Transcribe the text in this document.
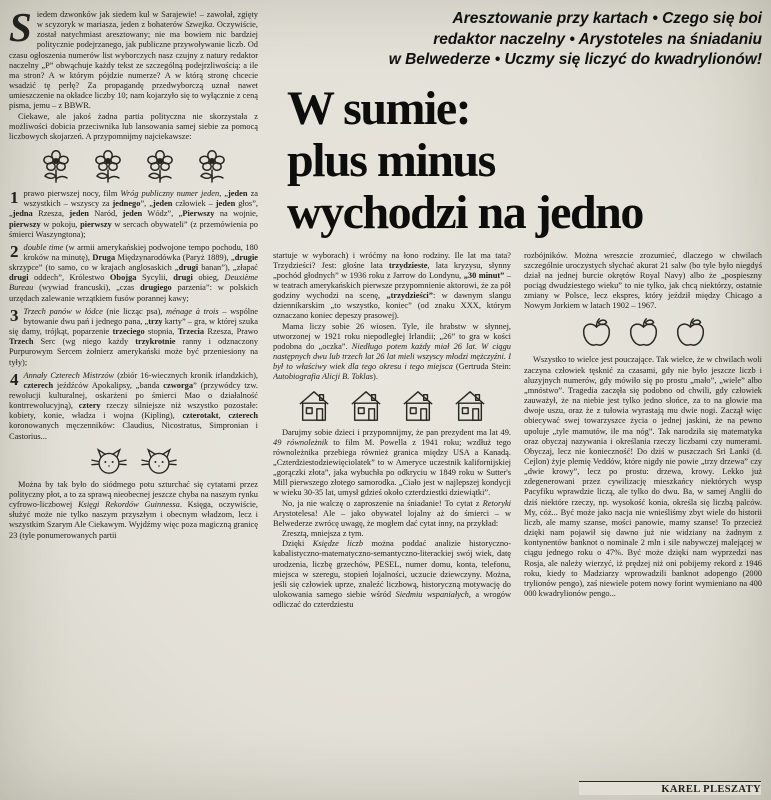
Siedem dzwonków jak siedem kul w Sarajewie! – zawołał, zgięty w scyzoryk w mariasza, jeden z bohaterów Szwejka. Oczywiście, został natychmiast aresztowany; nie ma bowiem nic bardziej politycznie podejrzanego, jak publiczne przywoływanie liczb. Od czasu ogłoszenia numerów list wyborczych nasz czujny z natury redaktor naczelny „P” obwąchuje każdy tekst ze szczególną podejrzliwością: a ile ma stron? A w którym pójdzie numerze? A w którą stronę chcecie wsadzić tę perłę? Za propagandę przedwyborczą uznał nawet umieszczenie na okładce liczby 10; nam kojarzyło się to wyłącznie z ceną pisma, jemu – z BBWR.

Ciekawe, ale jakoś żadna partia polityczna nie skorzystała z możliwości dobicia przeciwnika lub lansowania samej siebie za pomocą liczbowych skojarzeń. A przypomnijmy najciekawsze:

1 prawo pierwszej nocy, film Wróg publiczny numer jeden, „jeden za wszystkich – wszyscy za jednego”, „jeden człowiek – jeden głos”, „jedna Rzesza, jeden Naród, jeden Wódz”, „Pierwszy na wojnie, pierwszy w pokoju, pierwszy w sercach obywateli” (z przemówienia po śmierci Waszyngtona);

2 double time (w armii amerykańskiej podwojone tempo pochodu, 180 kroków na minutę), Druga Międzynarodówka (Paryż 1889), „drugie skrzypce” (to samo, co w krajach anglosaskich „drugi banan”), „złapać drugi oddech”, Królestwo Obojga Sycylii, drugi obieg, Deuxième Bureau (wywiad francuski), „czas drugiego parzenia”: w polskich urzędach zalewanie wrzątkiem fusów porannej kawy;

3 Trzech panów w łódce (nie licząc psa), ménage à trois – wspólne bytowanie dwu pań i jednego pana, „trzy karty” – gra, w której szuka się damy, trójkąt, poparzenie trzeciego stopnia, Trzecia Rzesza, Prawo Trzech Serc (wg niego każdy trzykrotnie ranny i odznaczony Purpurowym Sercem żołnierz amerykański może być przeniesiony na tyły);

4 Annały Czterech Mistrzów (zbiór 16-wiecznych kronik irlandzkich), czterech jeźdźców Apokalipsy, „banda czworga” (przywódcy tzw. rewolucji kulturalnej, oskarżeni po śmierci Mao o działalność kontrrewolucyjną), cztery rzeczy silniejsze niż wszystko pozostałe: kobiety, konie, władza i wojna (Kipling), czterotakt, czterech koronowanych męczenników: Claudius, Nicostratus, Simpronian i Castorius...

Można by tak było do siódmego potu szturchać się cytatami przez polityczny płot, a to za sprawą nieobecnej jeszcze chyba na naszym rynku cyfrowo-liczbowej Księgi Rekordów Guinnessa. Księga, oczywiście, służyć może nie tylko naszym przyszłym i obecnym władzom, lecz i wszystkim Szarym Ale Ciekawym. Wyjdźmy więc poza magiczną granicę 23 (tyle ponumerowanych partii

Aresztowanie przy kartach • Czego się boi
redaktor naczelny • Arystoteles na śniadaniu
w Belwederze • Uczmy się liczyć do kwadrylionów!
W sumie:
plus minus
wychodzi na jedno

startuje w wyborach) i wróćmy na łono rodziny. Ile lat ma tata? Trzydzieści? Jest: głośne lata trzydzieste, lata kryzysu, słynny „pochód głodnych” w 1936 roku z Jarrow do Londynu, „30 minut” – w teatrach amerykańskich pierwsze przypomnienie aktorowi, że za pół godziny wychodzi na scenę, „trzydzieści”: w dawnym slangu dziennikarskim „to wszystko, koniec” (od znaku XXX, którym oznaczano koniec depeszy prasowej).

Mama liczy sobie 26 wiosen. Tyle, ile hrabstw w słynnej, utworzonej w 1921 roku niepodległej Irlandii; „26” to gra w kości podobna do „oczka”. Niedługo potem każdy miał 26 lat. W ciągu następnych dwu lub trzech lat 26 lat mieli wszyscy młodzi mężczyźni. I był to właściwy wiek dla tego okresu i tego miejsca (Gertruda Stein: Autobiografia Alicji B. Toklas).

Darujmy sobie dzieci i przypomnijmy, że pan prezydent ma lat 49. 49 równoleżnik to film M. Powella z 1941 roku; wzdłuż tego równoleżnika przebiega również granica między USA a Kanadą. „Czterdziestodziewięciolatek” to w Ameryce uczestnik kalifornijskiej „gorączki złota”, jaka wybuchła po odkryciu w 1849 roku w Sutter's Mill pierwszego złotego samorodka. „Ciało jest w najlepszej kondycji w wieku 30-35 lat, umysł gdzieś około czterdziestki dziewiątki”.

No, ja nie walczę o zaproszenie na śniadanie! To cytat z Retoryki Arystotelesa! Ale – jako obywatel lojalny aż do śmierci – w Belwederze zwrócę uwagę, że mogłem dać cytat inny, na przykład:

Zresztą, mniejsza z tym.

Dzięki Księdze liczb można poddać analizie historyczno-kabalistyczno-matematyczno-semantyczno-literackiej swój wiek, datę urodzenia, liczbę grzechów, PESEL, numer domu, konta, telefonu, miejsca w szeregu, stopień lojalności, uczucie dziewczyny. Można, jeśli się człowiek uprze, znaleźć liczbową, historyczną motywację do ulokowania samego siebie wśród Siedmiu wspaniałych, a wrogów odliczać do czterdziestu

rozbójników. Można wreszcie zrozumieć, dlaczego w chwilach szczególnie uroczystych słychać akurat 21 salw (bo tyle było niegdyś dział na jednej burcie okrętów Royal Navy) albo że „pospieszny pociąg dwudziestego wieku” to nie tylko, jak chcą niektórzy, ostatnie zmiany w Polsce, lecz ekspres, który jeździł między Chicago a Nowym Jorkiem w latach 1902 – 1967.

Wszystko to wielce jest pouczające. Tak wielce, że w chwilach woli zaczyna człowiek tęsknić za czasami, gdy nie było jeszcze liczb i aluzyjnych numerów, gdy mówiło się po prostu „mało”, „wiele” albo „mnóstwo”. Tragedia zaczęła się podobno od chwili, gdy człowiek zauważył, że na niebie jest tylko jedno słońce, za to na głowie ma dwoje uszu, oraz że z tułowia wyrastają mu dwie nogi. Zaczął więc obiecywać swej towarzyszce życia o jednej jaskini, że na pewno upoluje „tyle mamutów, ile ma nóg”. Tak narodziła się matematyka oraz obyczaj nazywania i określania rzeczy liczbami czy numerami. Obyczaj, lecz nie konieczność! Do dziś w puszczach Sri Lanki (d. Cejlon) żyje plemię Veddów, które nigdy nie powie „trzy drzewa” czy „dwie krowy”, lecz po prostu: drzewa, krowy. Lekko już zdegenerowani przez cywilizację mieszkańcy niektórych wysp Pacyfiku wprawdzie liczą, ale tylko do dwu. Ba, w samej Anglii do dziś niektóre rzeczy, np. wysokość konia, określa się liczbą palców. My, cóż... Być może jako nacja nie wnieśliśmy zbyt wiele do historii liczb, ale mamy szanse, mości panowie, mamy szanse! To przecież dzięki nam pojawił się dawno już nie widziany na żadnym z kontynentów banknot o nominale 2 mln i sile nabywczej malejącej w ciągu jednego roku o 47%. Być może dzięki nam wyprzedzi nas Rosja, ale należy wierzyć, iż prędzej niż oni pobijemy rekord z 1946 roku, kiedy to Madziarzy wprowadzili banknot adopengo (2000 trylionów pengo), zaś niewiele potem nowy forint wymieniano na 400 000 kwadrylionów pengo...

KAREL PLESZATY
